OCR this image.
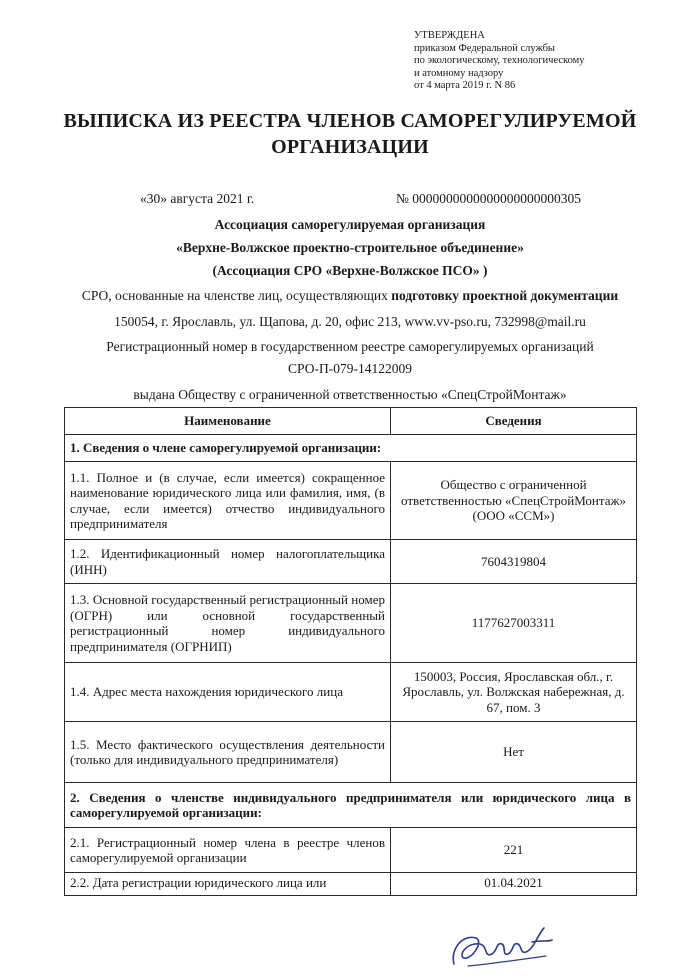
УТВЕРЖДЕНА
приказом Федеральной службы
по экологическому, технологическому
и атомному надзору
от 4 марта 2019 г. N 86
ВЫПИСКА ИЗ РЕЕСТРА ЧЛЕНОВ САМОРЕГУЛИРУЕМОЙ
ОРГАНИЗАЦИИ
«30» августа 2021 г.	№ 0000000000000000000000305
Ассоциация саморегулируемая организация
«Верхне-Волжское проектно-строительное объединение»
(Ассоциация СРО «Верхне-Волжское ПСО» )
СРО, основанные на членстве лиц, осуществляющих подготовку проектной документации
150054, г. Ярославль, ул. Щапова, д. 20, офис 213, www.vv-pso.ru, 732998@mail.ru
Регистрационный номер в государственном реестре саморегулируемых организаций
СРО-П-079-14122009
выдана Обществу с ограниченной ответственностью «СпецСтройМонтаж»
Наименование	Сведения
1. Сведения о члене саморегулируемой организации:	
1.1. Полное и (в случае, если имеется) сокращенное наименование юридического лица или фамилия, имя, (в случае, если имеется) отчество индивидуального предпринимателя	Общество с ограниченной ответственностью «СпецСтройМонтаж» (ООО «ССМ»)
1.2. Идентификационный номер налогоплательщика (ИНН)	7604319804
1.3. Основной государственный регистрационный номер (ОГРН) или основной государственный регистрационный номер индивидуального предпринимателя (ОГРНИП)	1177627003311
1.4. Адрес места нахождения юридического лица	150003, Россия, Ярославская обл., г. Ярославль, ул. Волжская набережная, д. 67, пом. 3
1.5. Место фактического осуществления деятельности (только для индивидуального предпринимателя)	Нет
2. Сведения о членстве индивидуального предпринимателя или юридического лица в саморегулируемой организации:	
2.1. Регистрационный номер члена в реестре членов саморегулируемой организации	221
2.2. Дата регистрации юридического лица или	01.04.2021
